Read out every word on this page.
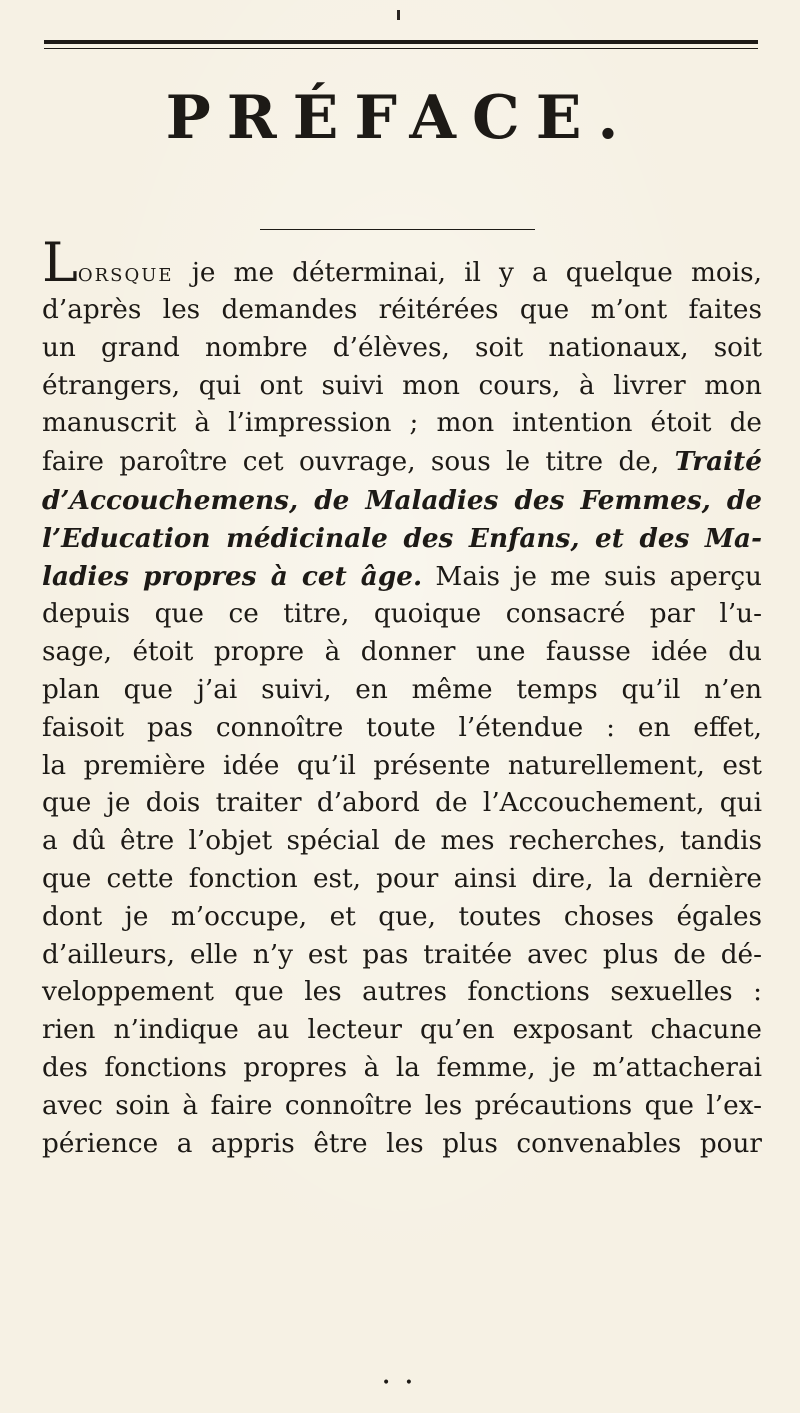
PRÉFACE.
LORSQUE je me déterminai, il y a quelque mois,
d’après les demandes réitérées que m’ont faites
un grand nombre d’élèves, soit nationaux, soit
étrangers, qui ont suivi mon cours, à livrer mon
manuscrit à l’impression ; mon intention étoit de
faire paroître cet ouvrage, sous le titre de, Traité
d’Accouchemens, de Maladies des Femmes, de
l’Education médicinale des Enfans, et des Ma-
ladies propres à cet âge. Mais je me suis aperçu
depuis que ce titre, quoique consacré par l’u-
sage, étoit propre à donner une fausse idée du
plan que j’ai suivi, en même temps qu’il n’en
faisoit pas connoître toute l’étendue : en effet,
la première idée qu’il présente naturellement, est
que je dois traiter d’abord de l’Accouchement, qui
a dû être l’objet spécial de mes recherches, tandis
que cette fonction est, pour ainsi dire, la dernière
dont je m’occupe, et que, toutes choses égales
d’ailleurs, elle n’y est pas traitée avec plus de dé-
veloppement que les autres fonctions sexuelles :
rien n’indique au lecteur qu’en exposant chacune
des fonctions propres à la femme, je m’attacherai
avec soin à faire connoître les précautions que l’ex-
périence a appris être les plus convenables pour
• •
